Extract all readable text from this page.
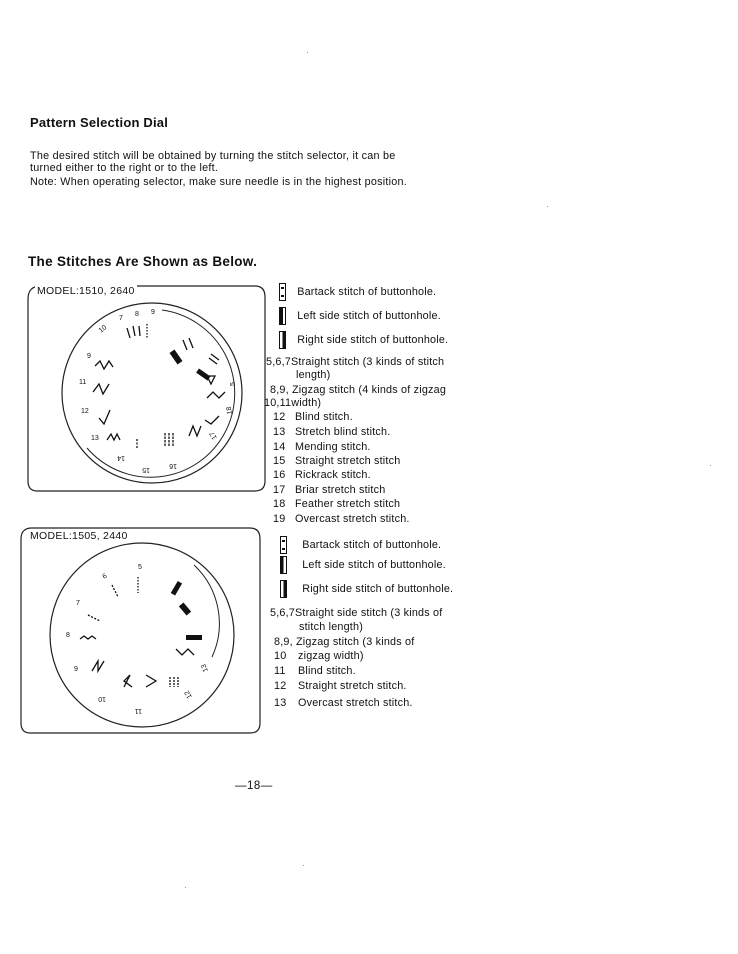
Pattern Selection Dial
The desired stitch will be obtained by turning the stitch selector, it can be
turned either to the right or to the left.
Note: When operating selector, make sure needle is in the highest position.
The Stitches Are Shown as Below.
MODEL:1510, 2640
7
8 9
10
9
11
12
13
14
15
16
17
18
5
Bartack stitch of buttonhole.
Left side stitch of buttonhole.
Right side stitch of buttonhole.
5,6,7Straight stitch (3 kinds of stitch
length)
8,9, Zigzag stitch (4 kinds of zigzag
10,11width)
12 Blind stitch.
13 Stretch blind stitch.
14 Mending stitch.
15 Straight stretch stitch
16 Rickrack stitch.
17 Briar stretch stitch
18 Feather stretch stitch
19 Overcast stretch stitch.
MODEL:1505, 2440
5
6
7
8
9
10
11
12
13
Bartack stitch of buttonhole.
Left side stitch of buttonhole.
Right side stitch of buttonhole.
5,6,7Straight side stitch (3 kinds of
stitch length)
8,9, Zigzag stitch (3 kinds of
10 zigzag width)
11 Blind stitch.
12 Straight stretch stitch.
13 Overcast stretch stitch.
—18—
